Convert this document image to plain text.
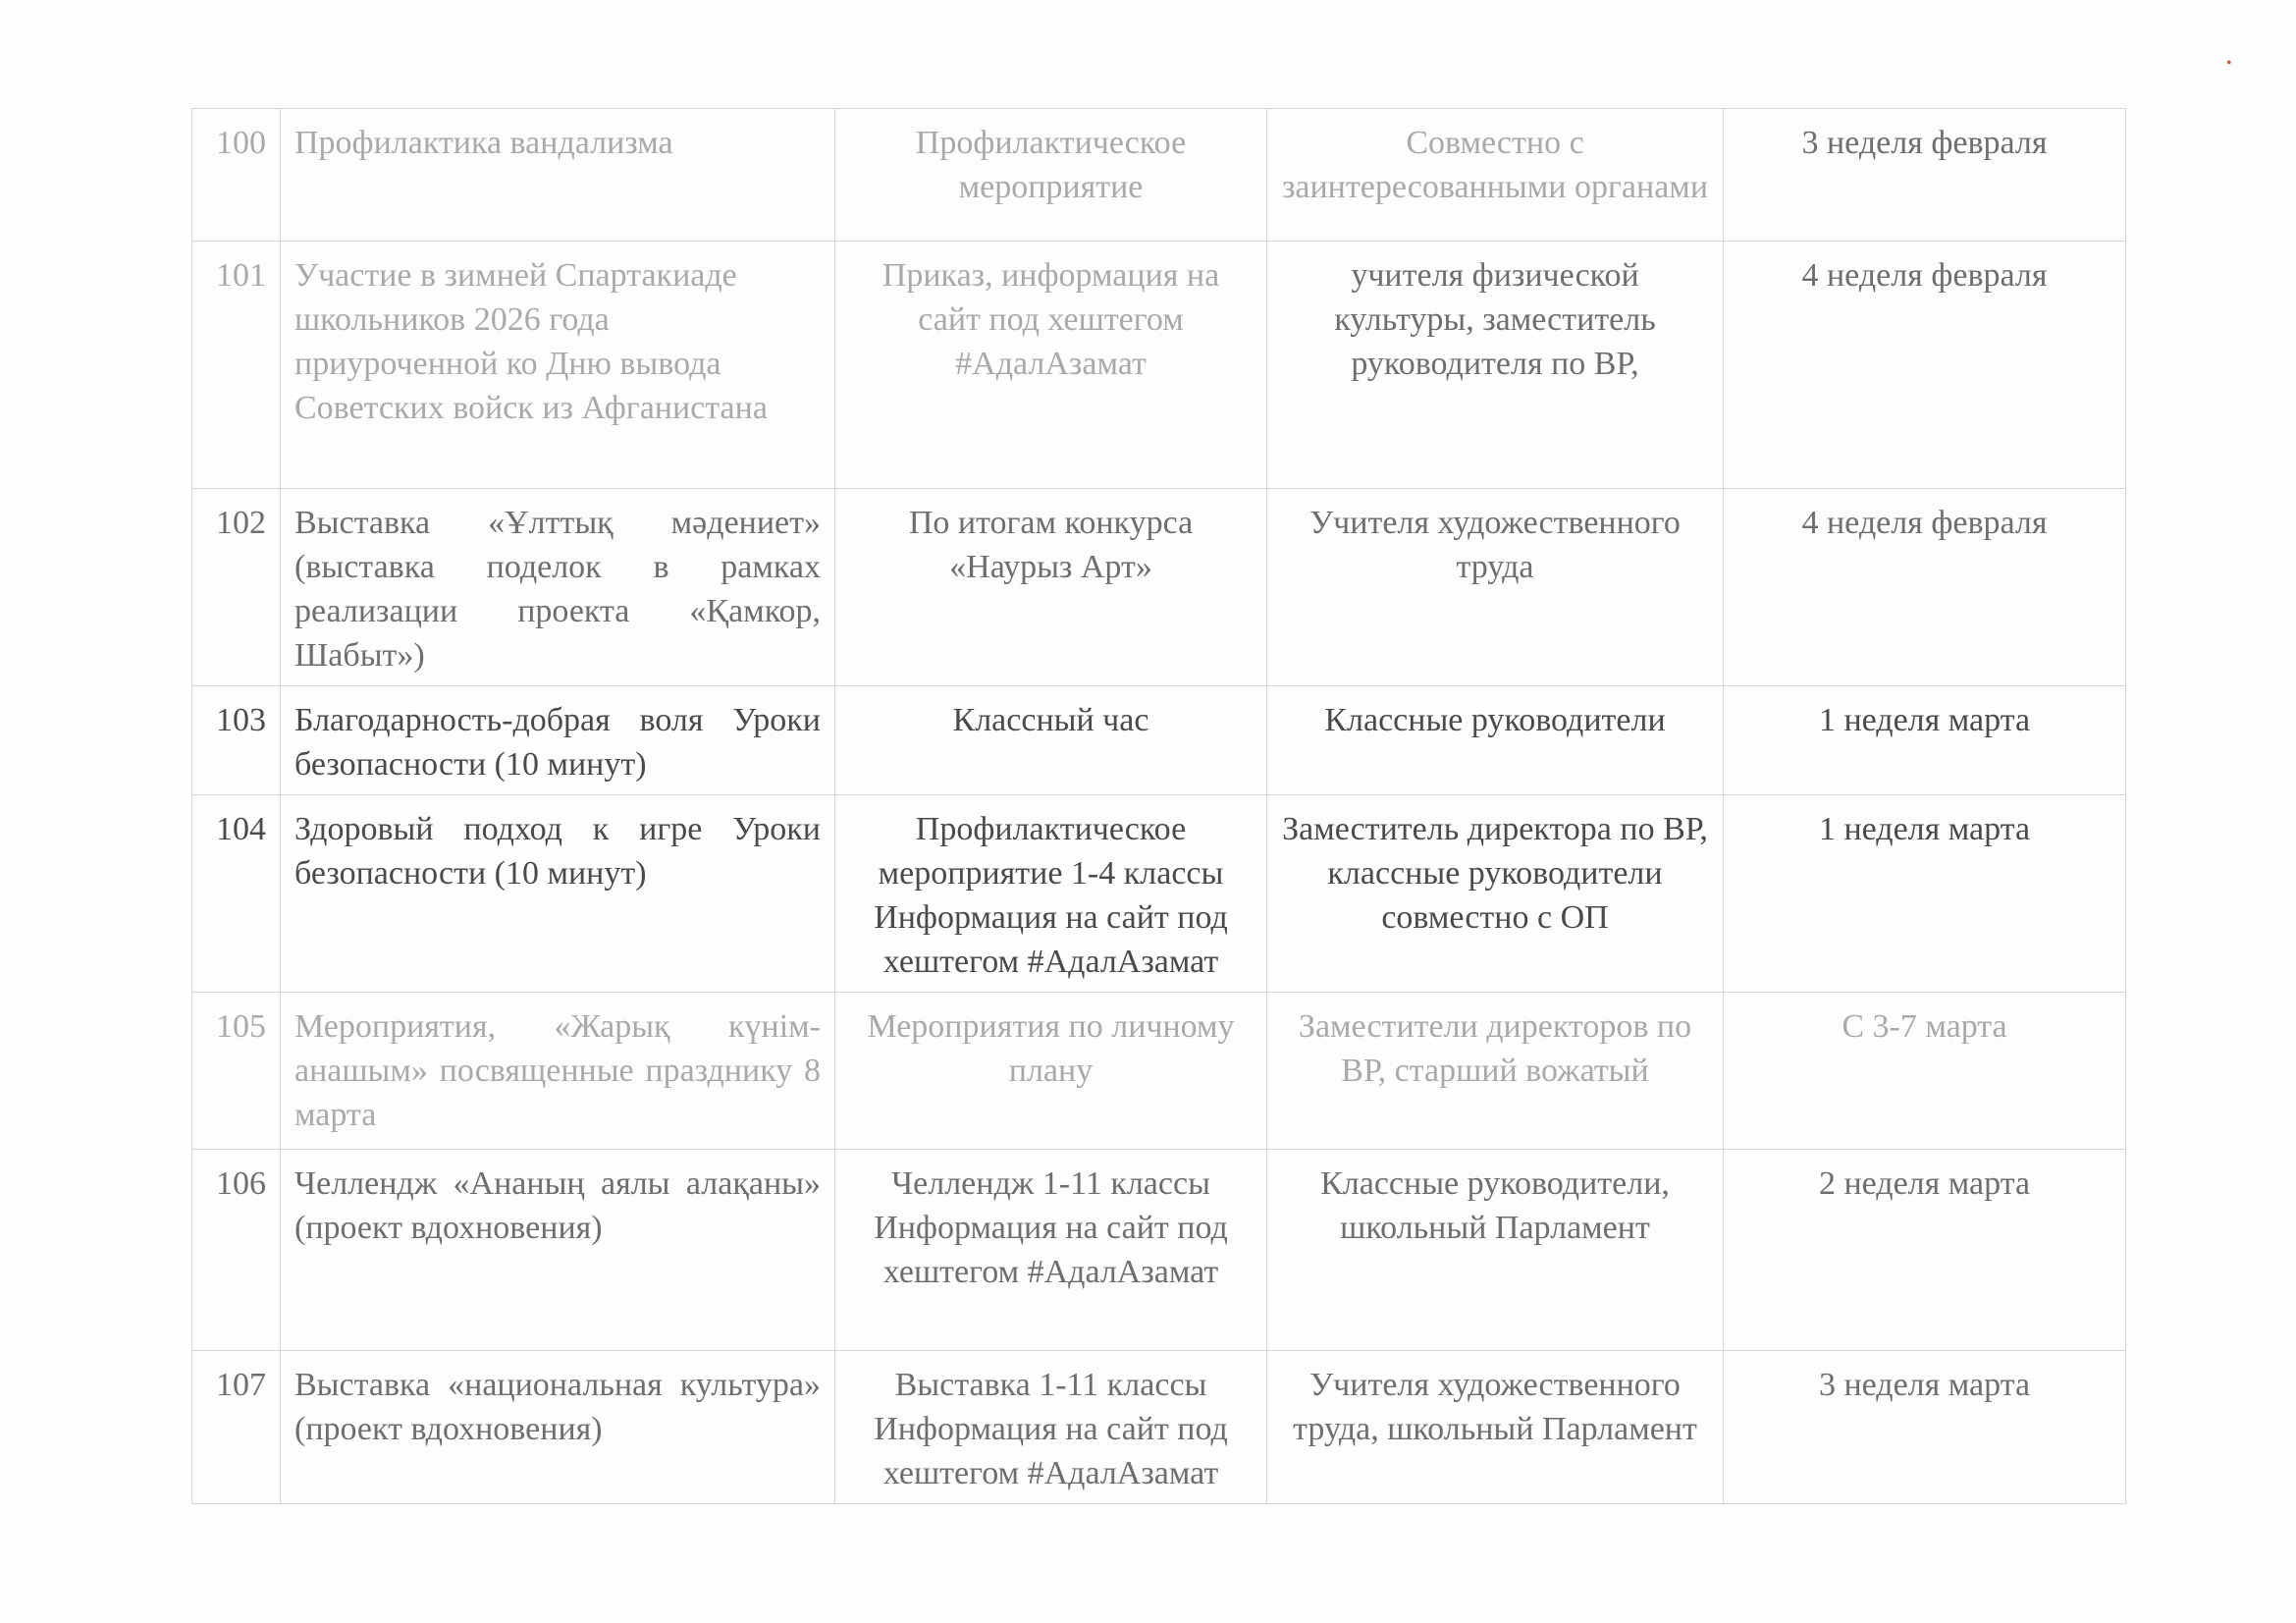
•
100	Профилактика вандализма	Профилактическое мероприятие	Совместно с заинтересованными органами	3 неделя февраля
101	Участие в зимней Спартакиаде школьников 2026 года приуроченной ко Дню вывода Советских войск из Афганистана	Приказ, информация на сайт под хештегом #АдалАзамат	учителя физической культуры, заместитель руководителя по ВР,	4 неделя февраля
102	Выставка «Ұлттық мәдениет» (выставка поделок в рамках реализации проекта «Қамкор, Шабыт»)	По итогам конкурса «Наурыз Арт»	Учителя художественного труда	4 неделя февраля
103	Благодарность-добрая воля Уроки безопасности (10 минут)	Классный час	Классные руководители	1 неделя марта
104	Здоровый подход к игре Уроки безопасности (10 минут)	Профилактическое мероприятие 1-4 классы Информация на сайт под хештегом #АдалАзамат	Заместитель директора по ВР, классные руководители совместно с ОП	1 неделя марта
105	Мероприятия, «Жарық күнім-анашым» посвященные празднику 8 марта	Мероприятия по личному плану	Заместители директоров по ВР, старший вожатый	С 3-7 марта
106	Челлендж «Ананың аялы алақаны» (проект вдохновения)	Челлендж 1-11 классы Информация на сайт под хештегом #АдалАзамат	Классные руководители, школьный Парламент	2 неделя марта
107	Выставка «национальная культура» (проект вдохновения)	Выставка 1-11 классы Информация на сайт под хештегом #АдалАзамат	Учителя художественного труда, школьный Парламент	3 неделя марта
